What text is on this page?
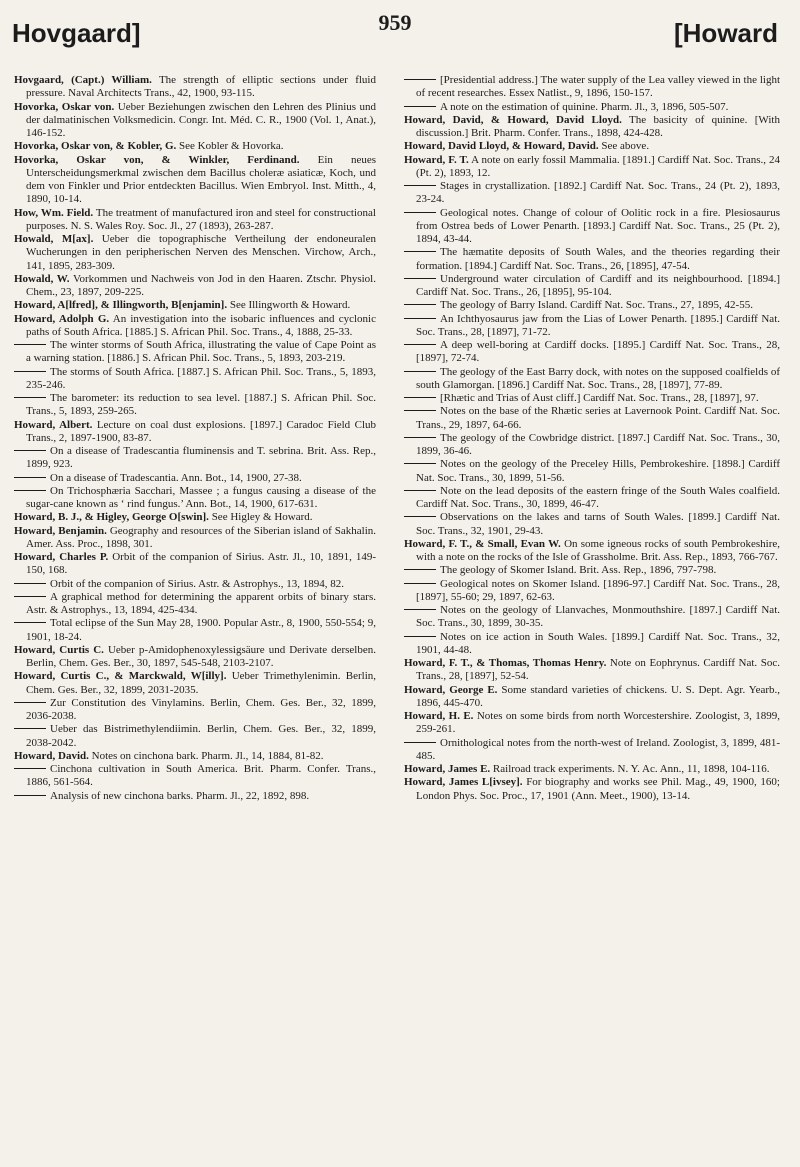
Hovgaard]	959	[Howard

Hovgaard, (Capt.) William. The strength of elliptic sections under fluid pressure. Naval Architects Trans., 42, 1900, 93-115.

Hovorka, Oskar von. Ueber Beziehungen zwischen den Lehren des Plinius und der dalmatinischen Volksmedicin. Congr. Int. Méd. C. R., 1900 (Vol. 1, Anat.), 146-152.

Hovorka, Oskar von, & Kobler, G. See Kobler & Hovorka.

Hovorka, Oskar von, & Winkler, Ferdinand. Ein neues Unterscheidungsmerkmal zwischen dem Bacillus choleræ asiaticæ, Koch, und dem von Finkler und Prior entdeckten Bacillus. Wien Embryol. Inst. Mitth., 4, 1890, 10-14.

How, Wm. Field. The treatment of manufactured iron and steel for constructional purposes. N. S. Wales Roy. Soc. Jl., 27 (1893), 263-287.

Howald, M[ax]. Ueber die topographische Vertheilung der endoneuralen Wucherungen in den peripherischen Nerven des Menschen. Virchow, Arch., 141, 1895, 283-309.

Howald, W. Vorkommen und Nachweis von Jod in den Haaren. Ztschr. Physiol. Chem., 23, 1897, 209-225.

Howard, A[lfred], & Illingworth, B[enjamin]. See Illingworth & Howard.

Howard, Adolph G. An investigation into the isobaric influences and cyclonic paths of South Africa. [1885.] S. African Phil. Soc. Trans., 4, 1888, 25-33.

The winter storms of South Africa, illustrating the value of Cape Point as a warning station. [1886.] S. African Phil. Soc. Trans., 5, 1893, 203-219.

The storms of South Africa. [1887.] S. African Phil. Soc. Trans., 5, 1893, 235-246.

The barometer: its reduction to sea level. [1887.] S. African Phil. Soc. Trans., 5, 1893, 259-265.

Howard, Albert. Lecture on coal dust explosions. [1897.] Caradoc Field Club Trans., 2, 1897-1900, 83-87.

On a disease of Tradescantia fluminensis and T. sebrina. Brit. Ass. Rep., 1899, 923.

On a disease of Tradescantia. Ann. Bot., 14, 1900, 27-38.

On Trichosphæria Sacchari, Massee ; a fungus causing a disease of the sugar-cane known as ‘ rind fungus.’ Ann. Bot., 14, 1900, 617-631.

Howard, B. J., & Higley, George O[swin]. See Higley & Howard.

Howard, Benjamin. Geography and resources of the Siberian island of Sakhalin. Amer. Ass. Proc., 1898, 301.

Howard, Charles P. Orbit of the companion of Sirius. Astr. Jl., 10, 1891, 149-150, 168.

Orbit of the companion of Sirius. Astr. & Astrophys., 13, 1894, 82.

A graphical method for determining the apparent orbits of binary stars. Astr. & Astrophys., 13, 1894, 425-434.

Total eclipse of the Sun May 28, 1900. Popular Astr., 8, 1900, 550-554; 9, 1901, 18-24.

Howard, Curtis C. Ueber p-Amidophenoxylessigsäure und Derivate derselben. Berlin, Chem. Ges. Ber., 30, 1897, 545-548, 2103-2107.

Howard, Curtis C., & Marckwald, W[illy]. Ueber Trimethylenimin. Berlin, Chem. Ges. Ber., 32, 1899, 2031-2035.

Zur Constitution des Vinylamins. Berlin, Chem. Ges. Ber., 32, 1899, 2036-2038.

Ueber das Bistrimethylendiimin. Berlin, Chem. Ges. Ber., 32, 1899, 2038-2042.

Howard, David. Notes on cinchona bark. Pharm. Jl., 14, 1884, 81-82.

Cinchona cultivation in South America. Brit. Pharm. Confer. Trans., 1886, 561-564.

Analysis of new cinchona barks. Pharm. Jl., 22, 1892, 898.

[Presidential address.] The water supply of the Lea valley viewed in the light of recent researches. Essex Natlist., 9, 1896, 150-157.

A note on the estimation of quinine. Pharm. Jl., 3, 1896, 505-507.

Howard, David, & Howard, David Lloyd. The basicity of quinine. [With discussion.] Brit. Pharm. Confer. Trans., 1898, 424-428.

Howard, David Lloyd, & Howard, David. See above.

Howard, F. T. A note on early fossil Mammalia. [1891.] Cardiff Nat. Soc. Trans., 24 (Pt. 2), 1893, 12.

Stages in crystallization. [1892.] Cardiff Nat. Soc. Trans., 24 (Pt. 2), 1893, 23-24.

Geological notes. Change of colour of Oolitic rock in a fire. Plesiosaurus from Ostrea beds of Lower Penarth. [1893.] Cardiff Nat. Soc. Trans., 25 (Pt. 2), 1894, 43-44.

The hæmatite deposits of South Wales, and the theories regarding their formation. [1894.] Cardiff Nat. Soc. Trans., 26, [1895], 47-54.

Underground water circulation of Cardiff and its neighbourhood. [1894.] Cardiff Nat. Soc. Trans., 26, [1895], 95-104.

The geology of Barry Island. Cardiff Nat. Soc. Trans., 27, 1895, 42-55.

An Ichthyosaurus jaw from the Lias of Lower Penarth. [1895.] Cardiff Nat. Soc. Trans., 28, [1897], 71-72.

A deep well-boring at Cardiff docks. [1895.] Cardiff Nat. Soc. Trans., 28, [1897], 72-74.

The geology of the East Barry dock, with notes on the supposed coalfields of south Glamorgan. [1896.] Cardiff Nat. Soc. Trans., 28, [1897], 77-89.

[Rhætic and Trias of Aust cliff.] Cardiff Nat. Soc. Trans., 28, [1897], 97.

Notes on the base of the Rhætic series at Lavernook Point. Cardiff Nat. Soc. Trans., 29, 1897, 64-66.

The geology of the Cowbridge district. [1897.] Cardiff Nat. Soc. Trans., 30, 1899, 36-46.

Notes on the geology of the Preceley Hills, Pembrokeshire. [1898.] Cardiff Nat. Soc. Trans., 30, 1899, 51-56.

Note on the lead deposits of the eastern fringe of the South Wales coalfield. Cardiff Nat. Soc. Trans., 30, 1899, 46-47.

Observations on the lakes and tarns of South Wales. [1899.] Cardiff Nat. Soc. Trans., 32, 1901, 29-43.

Howard, F. T., & Small, Evan W. On some igneous rocks of south Pembrokeshire, with a note on the rocks of the Isle of Grassholme. Brit. Ass. Rep., 1893, 766-767.

The geology of Skomer Island. Brit. Ass. Rep., 1896, 797-798.

Geological notes on Skomer Island. [1896-97.] Cardiff Nat. Soc. Trans., 28, [1897], 55-60; 29, 1897, 62-63.

Notes on the geology of Llanvaches, Monmouthshire. [1897.] Cardiff Nat. Soc. Trans., 30, 1899, 30-35.

Notes on ice action in South Wales. [1899.] Cardiff Nat. Soc. Trans., 32, 1901, 44-48.

Howard, F. T., & Thomas, Thomas Henry. Note on Eophrynus. Cardiff Nat. Soc. Trans., 28, [1897], 52-54.

Howard, George E. Some standard varieties of chickens. U. S. Dept. Agr. Yearb., 1896, 445-470.

Howard, H. E. Notes on some birds from north Worcestershire. Zoologist, 3, 1899, 259-261.

Ornithological notes from the north-west of Ireland. Zoologist, 3, 1899, 481-485.

Howard, James E. Railroad track experiments. N. Y. Ac. Ann., 11, 1898, 104-116.

Howard, James L[ivsey]. For biography and works see Phil. Mag., 49, 1900, 160; London Phys. Soc. Proc., 17, 1901 (Ann. Meet., 1900), 13-14.
